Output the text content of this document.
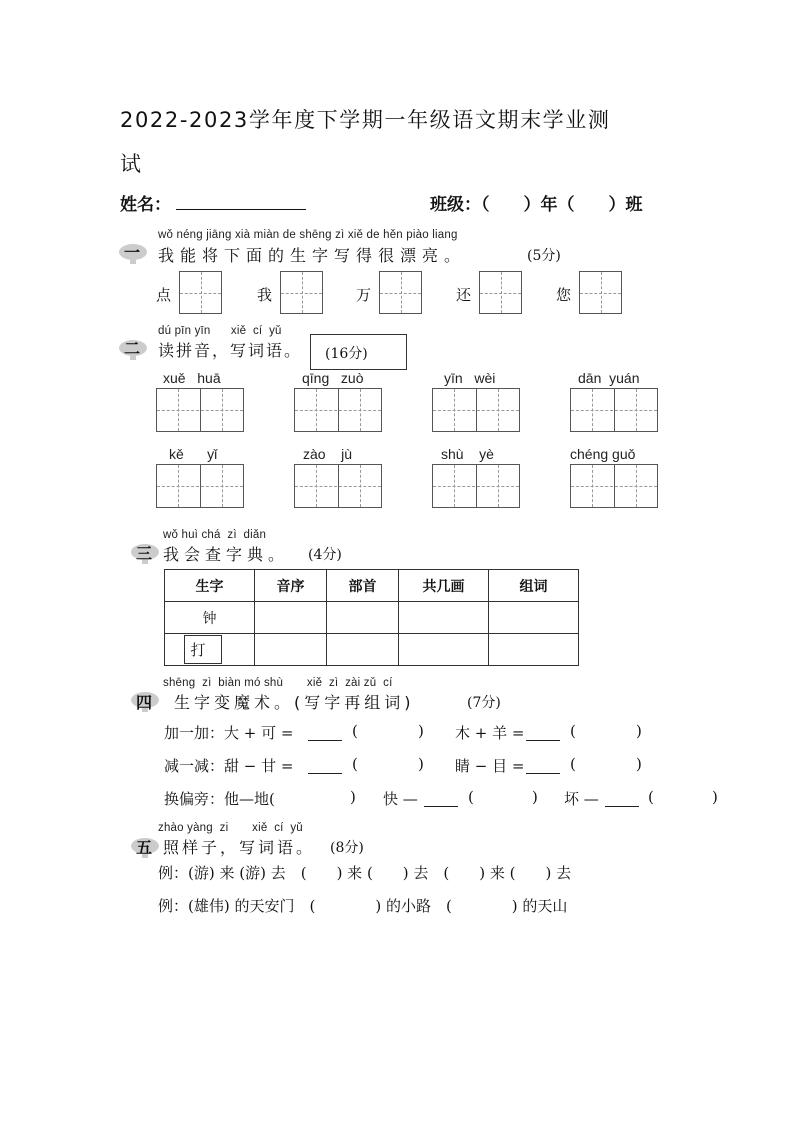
2022-2023学年度下学期一年级语文期末学业测
试
姓名：	班级：（　　）年（　　）班
一
wǒ néng jiāng xià miàn de shēng zì xiě de hěn piào liang
我能将下面的生字写得很漂亮。	(5分)
点	我	万	还	您
二
dú pīn yīn      xiě  cí  yǔ
读拼音，写词语。 (16分)
xuě   huā	qīng   zuò	yīn   wèi	dān  yuán
kě      yǐ	zào    jù	shù    yè	chéng guǒ
三
wǒ huì chá  zì  diǎn
我会查字典。 (4分)
生字	音序	部首	共几画	组词
钟				
打				
四
shēng  zì  biàn mó shù       xiě  zì  zài zǔ  cí
生字变魔术。(写字再组词)	(7分)
加一加：大 + 可 =	(	) 木 + 羊 =	(	)
减一减：甜 − 甘 =	(	) 睛 − 目 =	(	)
换偏旁：他—地(	) 快 —	(	) 坏 —	(	)
五
zhào yàng  zi       xiě  cí  yǔ
照样子，写词语。 (8分)
例：(游) 来 (游) 去　(　　) 来 (　　) 去　(　　) 来 (　　) 去
例：(雄伟) 的天安门　(　　　　) 的小路　(　　　　) 的天山
